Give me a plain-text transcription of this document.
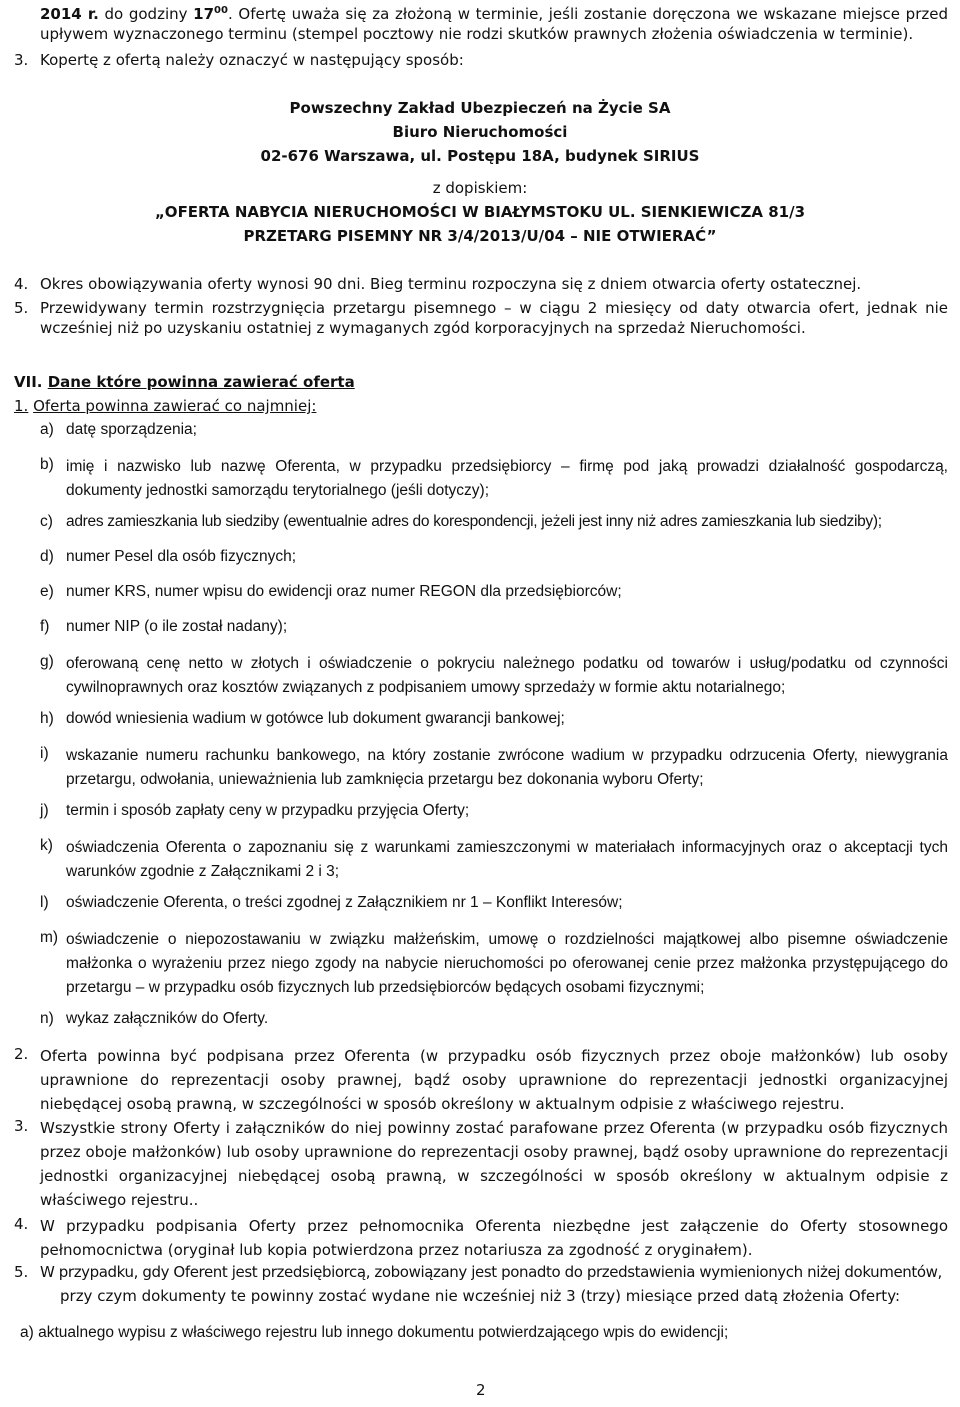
2014 r. do godziny $17^{00}$. Ofertę uważa się za złożoną w terminie, jeśli zostanie doręczona we wskazane miejsce przed upływem wyznaczonego terminu (stempel pocztowy nie rodzi skutków prawnych złożenia oświadczenia w terminie).
3. Kopertę z ofertą należy oznaczyć w następujący sposób:
Powszechny Zakład Ubezpieczeń na Życie SA
Biuro Nieruchomości
02-676 Warszawa, ul. Postępu 18A, budynek SIRIUS
z dopiskiem:
„OFERTA NABYCIA NIERUCHOMOŚCI W BIAŁYMSTOKU UL. SIENKIEWICZA 81/3
PRZETARG PISEMNY NR 3/4/2013/U/04 – NIE OTWIERAĆ”
4. Okres obowiązywania oferty wynosi 90 dni. Bieg terminu rozpoczyna się z dniem otwarcia oferty ostatecznej.
5. Przewidywany termin rozstrzygnięcia przetargu pisemnego – w ciągu 2 miesięcy od daty otwarcia ofert, jednak nie wcześniej niż po uzyskaniu ostatniej z wymaganych zgód korporacyjnych na sprzedaż Nieruchomości.
VII. Dane które powinna zawierać oferta
1. Oferta powinna zawierać co najmniej:
a) datę sporządzenia;
b) imię i nazwisko lub nazwę Oferenta, w przypadku przedsiębiorcy – firmę pod jaką prowadzi działalność gospodarczą, dokumenty jednostki samorządu terytorialnego (jeśli dotyczy);
c) adres zamieszkania lub siedziby (ewentualnie adres do korespondencji, jeżeli jest inny niż adres zamieszkania lub siedziby);
d) numer Pesel dla osób fizycznych;
e) numer KRS, numer wpisu do ewidencji oraz numer REGON dla przedsiębiorców;
f) numer NIP (o ile został nadany);
g) oferowaną cenę netto w złotych i oświadczenie o pokryciu należnego podatku od towarów i usług/podatku od czynności cywilnoprawnych oraz kosztów związanych z podpisaniem umowy sprzedaży w formie aktu notarialnego;
h) dowód wniesienia wadium w gotówce lub dokument gwarancji bankowej;
i) wskazanie numeru rachunku bankowego, na który zostanie zwrócone wadium w przypadku odrzucenia Oferty, niewygrania przetargu, odwołania, unieważnienia lub zamknięcia przetargu bez dokonania wyboru Oferty;
j) termin i sposób zapłaty ceny w przypadku przyjęcia Oferty;
k) oświadczenia Oferenta o zapoznaniu się z warunkami zamieszczonymi w materiałach informacyjnych oraz o akceptacji tych warunków zgodnie z Załącznikami 2 i 3;
l) oświadczenie Oferenta, o treści zgodnej z Załącznikiem nr 1 – Konflikt Interesów;
m) oświadczenie o niepozostawaniu w związku małżeńskim, umowę o rozdzielności majątkowej albo pisemne oświadczenie małżonka o wyrażeniu przez niego zgody na nabycie nieruchomości po oferowanej cenie przez małżonka przystępującego do przetargu – w przypadku osób fizycznych lub przedsiębiorców będących osobami fizycznymi;
n) wykaz załączników do Oferty.
2. Oferta powinna być podpisana przez Oferenta (w przypadku osób fizycznych przez oboje małżonków) lub osoby uprawnione do reprezentacji osoby prawnej, bądź osoby uprawnione do reprezentacji jednostki organizacyjnej niebędącej osobą prawną, w szczególności w sposób określony w aktualnym odpisie z właściwego rejestru.
3. Wszystkie strony Oferty i załączników do niej powinny zostać parafowane przez Oferenta (w przypadku osób fizycznych przez oboje małżonków) lub osoby uprawnione do reprezentacji osoby prawnej, bądź osoby uprawnione do reprezentacji jednostki organizacyjnej niebędącej osobą prawną, w szczególności w sposób określony w aktualnym odpisie z właściwego rejestru..
4. W przypadku podpisania Oferty przez pełnomocnika Oferenta niezbędne jest załączenie do Oferty stosownego pełnomocnictwa (oryginał lub kopia potwierdzona przez notariusza za zgodność z oryginałem).
5. W przypadku, gdy Oferent jest przedsiębiorcą, zobowiązany jest ponadto do przedstawienia wymienionych niżej dokumentów,
przy czym dokumenty te powinny zostać wydane nie wcześniej niż 3 (trzy) miesiące przed datą złożenia Oferty:
a) aktualnego wypisu z właściwego rejestru lub innego dokumentu potwierdzającego wpis do ewidencji;
2
